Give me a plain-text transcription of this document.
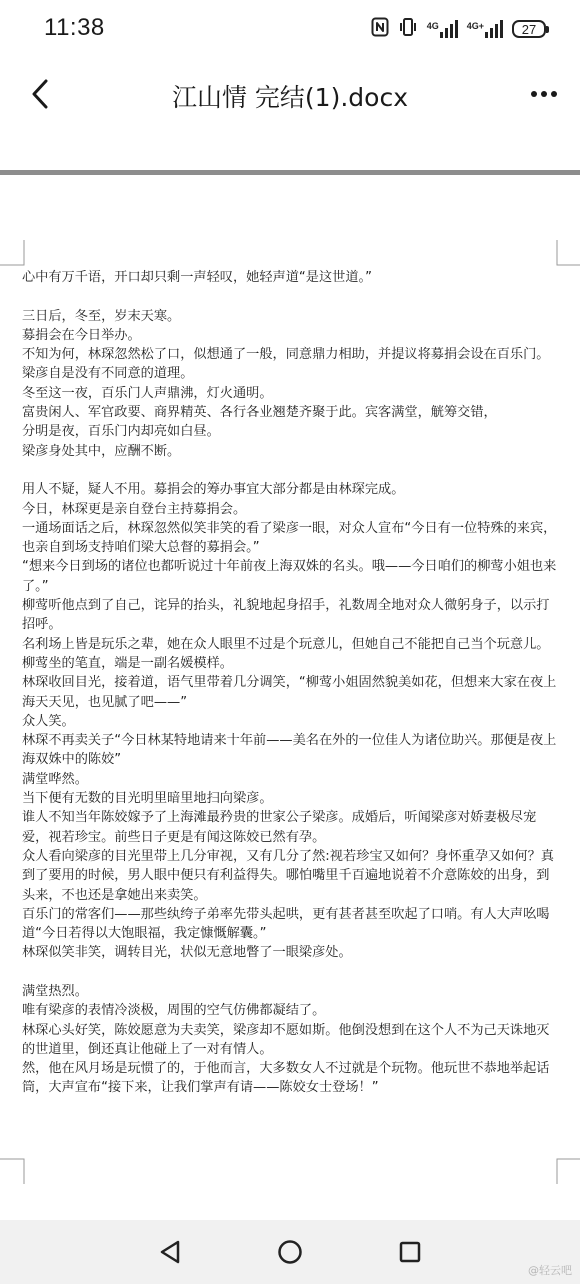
11:38	4G	4G+	27
江山情 完结(1).docx

心中有万千语，开口却只剩一声轻叹，她轻声道“是这世道。”

三日后，冬至，岁末天寒。

募捐会在今日举办。

不知为何，林琛忽然松了口，似想通了一般，同意鼎力相助，并提议将募捐会设在百乐门。

梁彦自是没有不同意的道理。

冬至这一夜，百乐门人声鼎沸，灯火通明。

富贵闲人、军官政要、商界精英、各行各业翘楚齐聚于此。宾客满堂，觥筹交错，

分明是夜，百乐门内却亮如白昼。

梁彦身处其中，应酬不断。

用人不疑，疑人不用。募捐会的筹办事宜大部分都是由林琛完成。

今日，林琛更是亲自登台主持募捐会。

一通场面话之后，林琛忽然似笑非笑的看了梁彦一眼，对众人宣布“今日有一位特殊的来宾，也亲自到场支持咱们梁大总督的募捐会。”

“想来今日到场的诸位也都听说过十年前夜上海双姝的名头。哦——今日咱们的柳莺小姐也来了。”

柳莺听他点到了自己，诧异的抬头，礼貌地起身招手，礼数周全地对众人微躬身子，以示打招呼。

名利场上皆是玩乐之辈，她在众人眼里不过是个玩意儿，但她自己不能把自己当个玩意儿。柳莺坐的笔直，端是一副名媛模样。

林琛收回目光，接着道，语气里带着几分调笑，“柳莺小姐固然貌美如花，但想来大家在夜上海天天见，也见腻了吧——”

众人笑。

林琛不再卖关子“今日林某特地请来十年前——美名在外的一位佳人为诸位助兴。那便是夜上海双姝中的陈姣”

满堂哗然。

当下便有无数的目光明里暗里地扫向梁彦。

谁人不知当年陈姣嫁予了上海滩最矜贵的世家公子梁彦。成婚后，听闻梁彦对娇妻极尽宠爱，视若珍宝。前些日子更是有闻这陈姣已然有孕。

众人看向梁彦的目光里带上几分审视，又有几分了然:视若珍宝又如何？身怀重孕又如何？真到了要用的时候，男人眼中便只有利益得失。哪怕嘴里千百遍地说着不介意陈姣的出身，到头来，不也还是拿她出来卖笑。

百乐门的常客们——那些纨绔子弟率先带头起哄，更有甚者甚至吹起了口哨。有人大声吆喝道“今日若得以大饱眼福，我定慷慨解囊。”

林琛似笑非笑，调转目光，状似无意地瞥了一眼梁彦处。

满堂热烈。

唯有梁彦的表情冷淡极，周围的空气仿佛都凝结了。

林琛心头好笑，陈姣愿意为夫卖笑，梁彦却不愿如斯。他倒没想到在这个人不为己天诛地灭的世道里，倒还真让他碰上了一对有情人。

然，他在风月场是玩惯了的，于他而言，大多数女人不过就是个玩物。他玩世不恭地举起话筒，大声宣布“接下来，让我们掌声有请——陈姣女士登场！”

@轻云吧
